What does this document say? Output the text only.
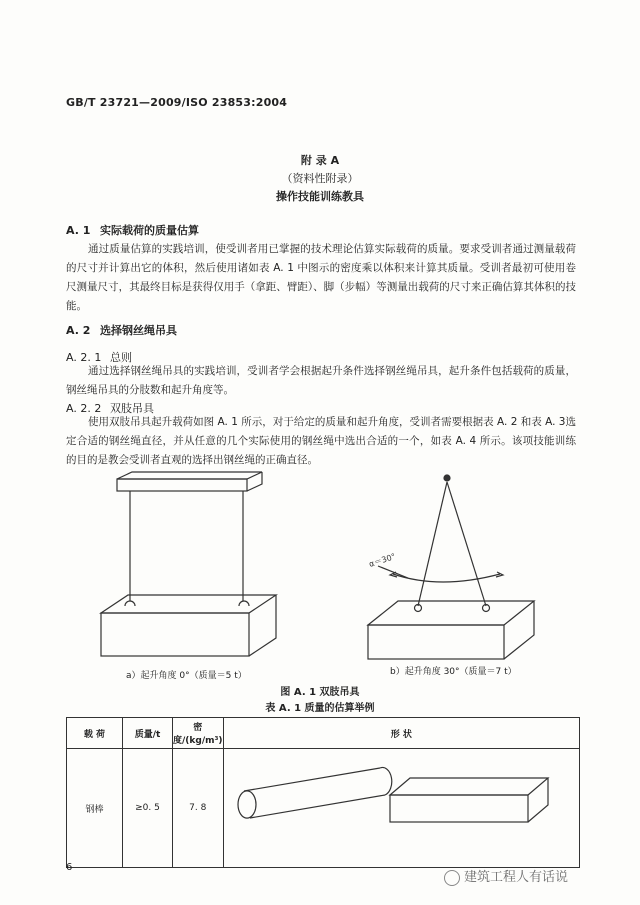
GB/T 23721—2009/ISO 23853:2004
附 录 A
（资料性附录）
操作技能训练教具
A. 1 实际载荷的质量估算
通过质量估算的实践培训，使受训者用已掌握的技术理论估算实际载荷的质量。要求受训者通过测量载荷的尺寸并计算出它的体积，然后使用诸如表 A. 1 中图示的密度乘以体积来计算其质量。受训者最初可使用卷尺测量尺寸，其最终目标是获得仅用手（拿距、臂距）、脚（步幅）等测量出载荷的尺寸来正确估算其体积的技能。
A. 2 选择钢丝绳吊具
A. 2. 1 总则
通过选择钢丝绳吊具的实践培训，受训者学会根据起升条件选择钢丝绳吊具，起升条件包括载荷的质量，钢丝绳吊具的分肢数和起升角度等。
A. 2. 2 双肢吊具
使用双肢吊具起升载荷如图 A. 1 所示，对于给定的质量和起升角度，受训者需要根据表 A. 2 和表 A. 3选定合适的钢丝绳直径，并从任意的几个实际使用的钢丝绳中选出合适的一个，如表 A. 4 所示。该项技能训练的目的是教会受训者直观的选择出钢丝绳的正确直径。
α＝30°
a）起升角度 0°（质量＝5 t）	b）起升角度 30°（质量＝7 t）
图 A. 1 双肢吊具
表 A. 1 质量的估算举例
载 荷	质量/t	密度/(kg/m³)	形 状
钢棒	≥0. 5	7. 8	
6
建筑工程人有话说
